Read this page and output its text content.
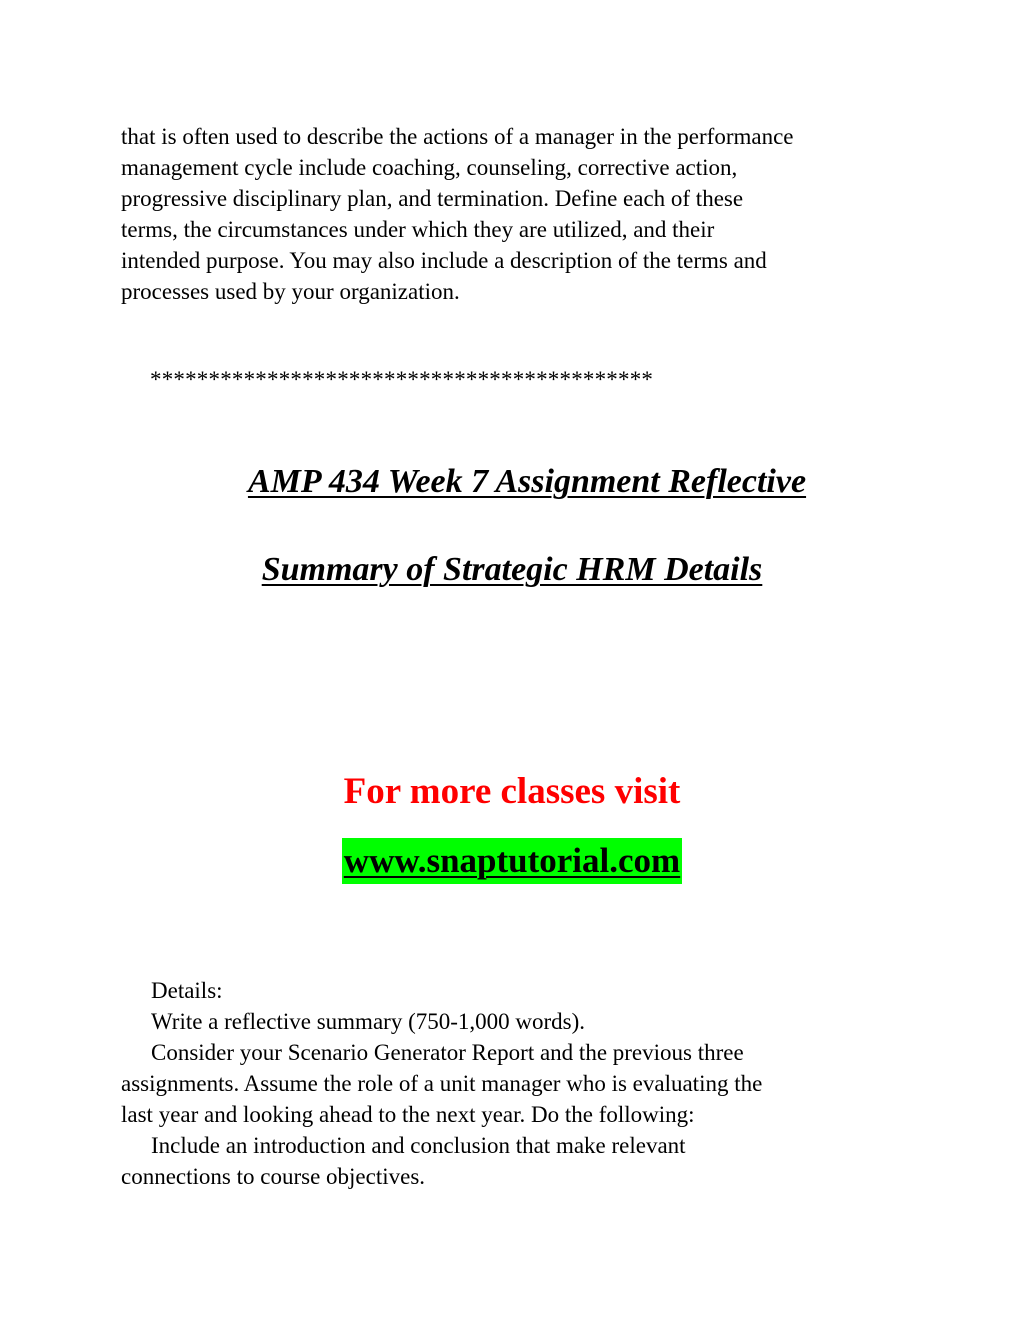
that is often used to describe the actions of a manager in the performance
management cycle include coaching, counseling, corrective action,
progressive disciplinary plan, and termination. Define each of these
terms, the circumstances under which they are utilized, and their
intended purpose. You may also include a description of the terms and
processes used by your organization.
*******************************************
AMP 434 Week 7 Assignment Reflective
Summary of Strategic HRM Details
For more classes visit
www.snaptutorial.com
Details:
Write a reflective summary (750-1,000 words).
Consider your Scenario Generator Report and the previous three
assignments. Assume the role of a unit manager who is evaluating the
last year and looking ahead to the next year. Do the following:
Include an introduction and conclusion that make relevant
connections to course objectives.
